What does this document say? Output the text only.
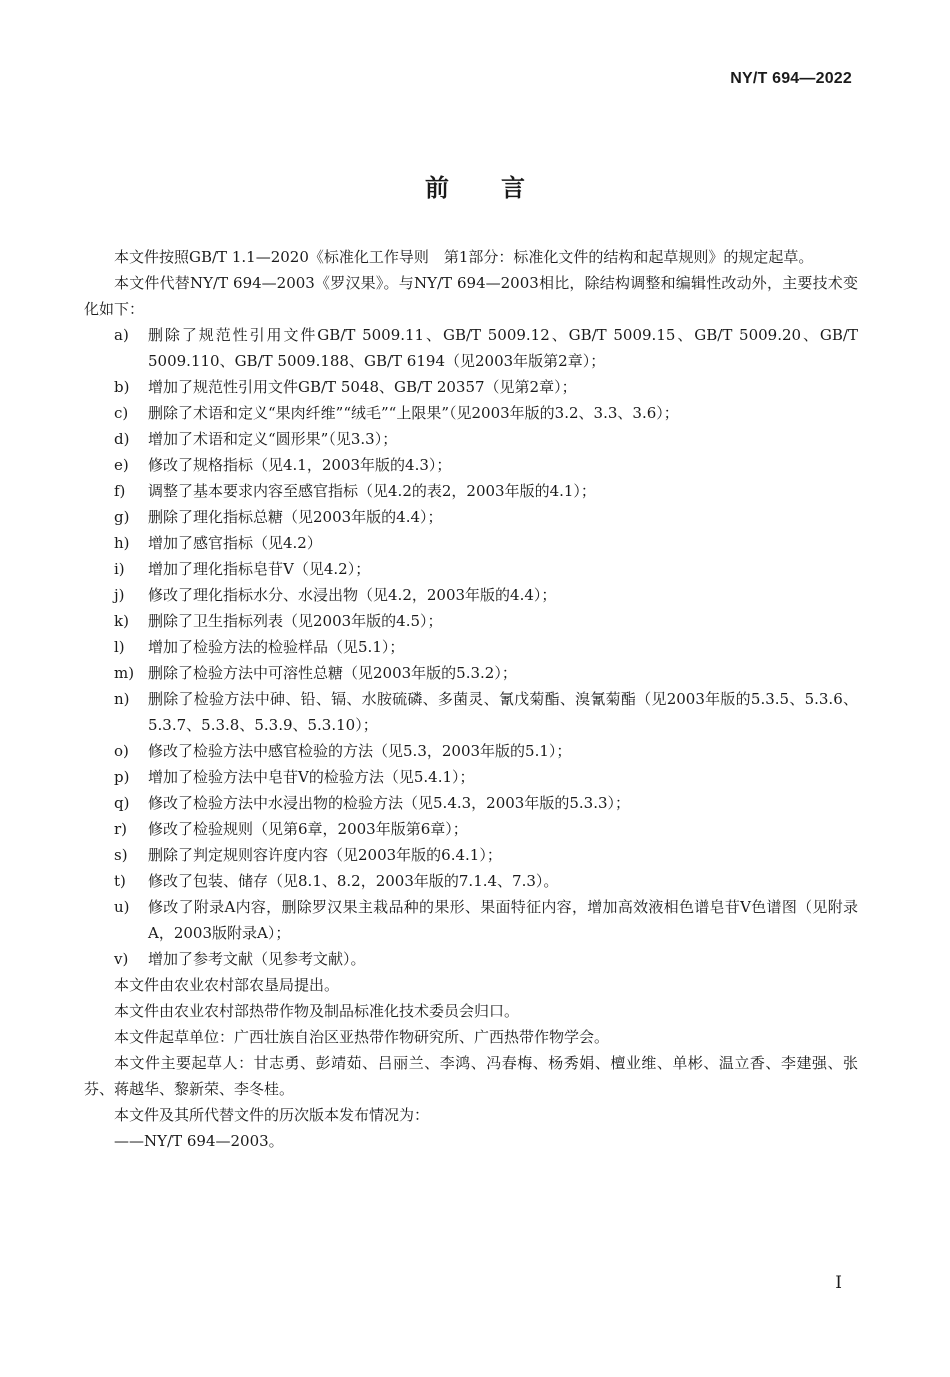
NY/T 694—2022
前言

本文件按照GB/T 1.1—2020《标准化工作导则　第1部分：标准化文件的结构和起草规则》的规定起草。

本文件代替NY/T 694—2003《罗汉果》。与NY/T 694—2003相比，除结构调整和编辑性改动外，主要技术变化如下：

a) 删除了规范性引用文件GB/T 5009.11、GB/T 5009.12、GB/T 5009.15、GB/T 5009.20、GB/T 5009.110、GB/T 5009.188、GB/T 6194（见2003年版第2章）；

b) 增加了规范性引用文件GB/T 5048、GB/T 20357（见第2章）；

c) 删除了术语和定义“果肉纤维”“绒毛”“上限果”（见2003年版的3.2、3.3、3.6）；

d) 增加了术语和定义“圆形果”（见3.3）；

e) 修改了规格指标（见4.1，2003年版的4.3）；

f) 调整了基本要求内容至感官指标（见4.2的表2，2003年版的4.1）；

g) 删除了理化指标总糖（见2003年版的4.4）；

h) 增加了感官指标（见4.2）

i) 增加了理化指标皂苷Ⅴ（见4.2）；

j) 修改了理化指标水分、水浸出物（见4.2，2003年版的4.4）；

k) 删除了卫生指标列表（见2003年版的4.5）；

l) 增加了检验方法的检验样品（见5.1）；

m) 删除了检验方法中可溶性总糖（见2003年版的5.3.2）；

n) 删除了检验方法中砷、铅、镉、水胺硫磷、多菌灵、氰戊菊酯、溴氰菊酯（见2003年版的5.3.5、5.3.6、5.3.7、5.3.8、5.3.9、5.3.10）；

o) 修改了检验方法中感官检验的方法（见5.3，2003年版的5.1）；

p) 增加了检验方法中皂苷Ⅴ的检验方法（见5.4.1）；

q) 修改了检验方法中水浸出物的检验方法（见5.4.3，2003年版的5.3.3）；

r) 修改了检验规则（见第6章，2003年版第6章）；

s) 删除了判定规则容许度内容（见2003年版的6.4.1）；

t) 修改了包装、储存（见8.1、8.2，2003年版的7.1.4、7.3）。

u) 修改了附录A内容，删除罗汉果主栽品种的果形、果面特征内容，增加高效液相色谱皂苷Ⅴ色谱图（见附录A，2003版附录A）；

v) 增加了参考文献（见参考文献）。

本文件由农业农村部农垦局提出。

本文件由农业农村部热带作物及制品标准化技术委员会归口。

本文件起草单位：广西壮族自治区亚热带作物研究所、广西热带作物学会。

本文件主要起草人：甘志勇、彭靖茹、吕丽兰、李鸿、冯春梅、杨秀娟、檀业维、单彬、温立香、李建强、张芬、蒋越华、黎新荣、李冬桂。

本文件及其所代替文件的历次版本发布情况为：

——NY/T 694—2003。

I
